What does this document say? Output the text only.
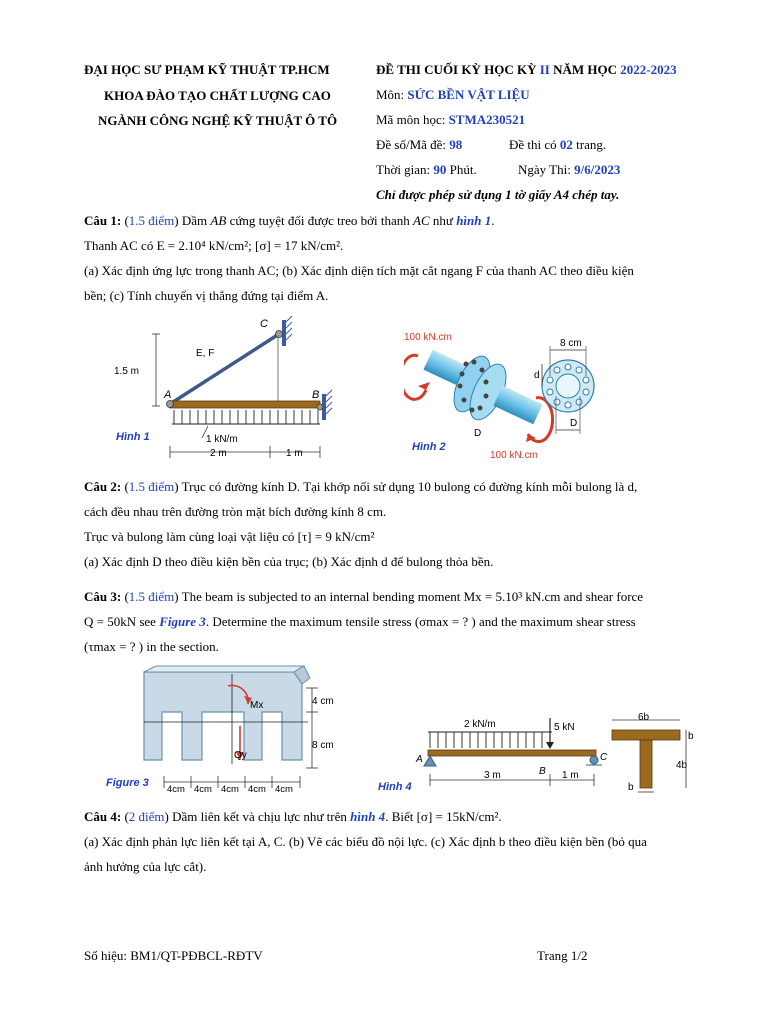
ĐẠI HỌC SƯ PHẠM KỸ THUẬT TP.HCM
KHOA ĐÀO TẠO CHẤT LƯỢNG CAO
NGÀNH CÔNG NGHỆ KỸ THUẬT Ô TÔ
ĐỀ THI CUỐI KỲ HỌC KỲ II NĂM HỌC 2022-2023
Môn: SỨC BỀN VẬT LIỆU
Mã môn học: STMA230521
Đề số/Mã đề: 98	Đề thi có 02 trang.
Thời gian: 90 Phút.	Ngày Thi: 9/6/2023
Chỉ được phép sử dụng 1 tờ giấy A4 chép tay.
Câu 1: (1.5 điểm) Dầm AB cứng tuyệt đối được treo bởi thanh AC như hình 1.
Thanh AC có E = 2.10⁴ kN/cm²; [σ] = 17 kN/cm².
(a) Xác định ứng lực trong thanh AC; (b) Xác định diện tích mặt cắt ngang F của thanh AC theo điều kiện
bền; (c) Tính chuyển vị thẳng đứng tại điểm A.
C
A	B
E, F
1.5 m
1 kN/m
2 m	1 m
Hình 1
100 kN.cm
100 kN.cm
8 cm
d
D
D
Hình 2
Câu 2: (1.5 điểm) Trục có đường kính D. Tại khớp nối sử dụng 10 bulong có đường kính mỗi bulong là d,
cách đều nhau trên đường tròn mặt bích đường kính 8 cm.
Trục và bulong làm cùng loại vật liệu có [τ] = 9 kN/cm²
(a) Xác định D theo điều kiện bền của trục; (b) Xác định d để bulong thỏa bền.
Câu 3: (1.5 điểm) The beam is subjected to an internal bending moment Mx = 5.10³ kN.cm and shear force
Q = 50kN see Figure 3. Determine the maximum tensile stress (σmax = ? ) and the maximum shear stress
(τmax = ? ) in the section.
Mx
Qy
4 cm
8 cm
4cm 4cm 4cm 4cm 4cm
Figure 3
2 kN/m	5 kN
A
B
C
3 m	1 m
6b
b
4b
b
Hình 4
Câu 4: (2 điểm) Dầm liên kết và chịu lực như trên hình 4. Biết [σ] = 15kN/cm².
(a) Xác định phản lực liên kết tại A, C. (b) Vẽ các biểu đồ nội lực. (c) Xác định b theo điều kiện bền (bỏ qua
ảnh hưởng của lực cắt).
Số hiệu: BM1/QT-PĐBCL-RĐTV	Trang 1/2
